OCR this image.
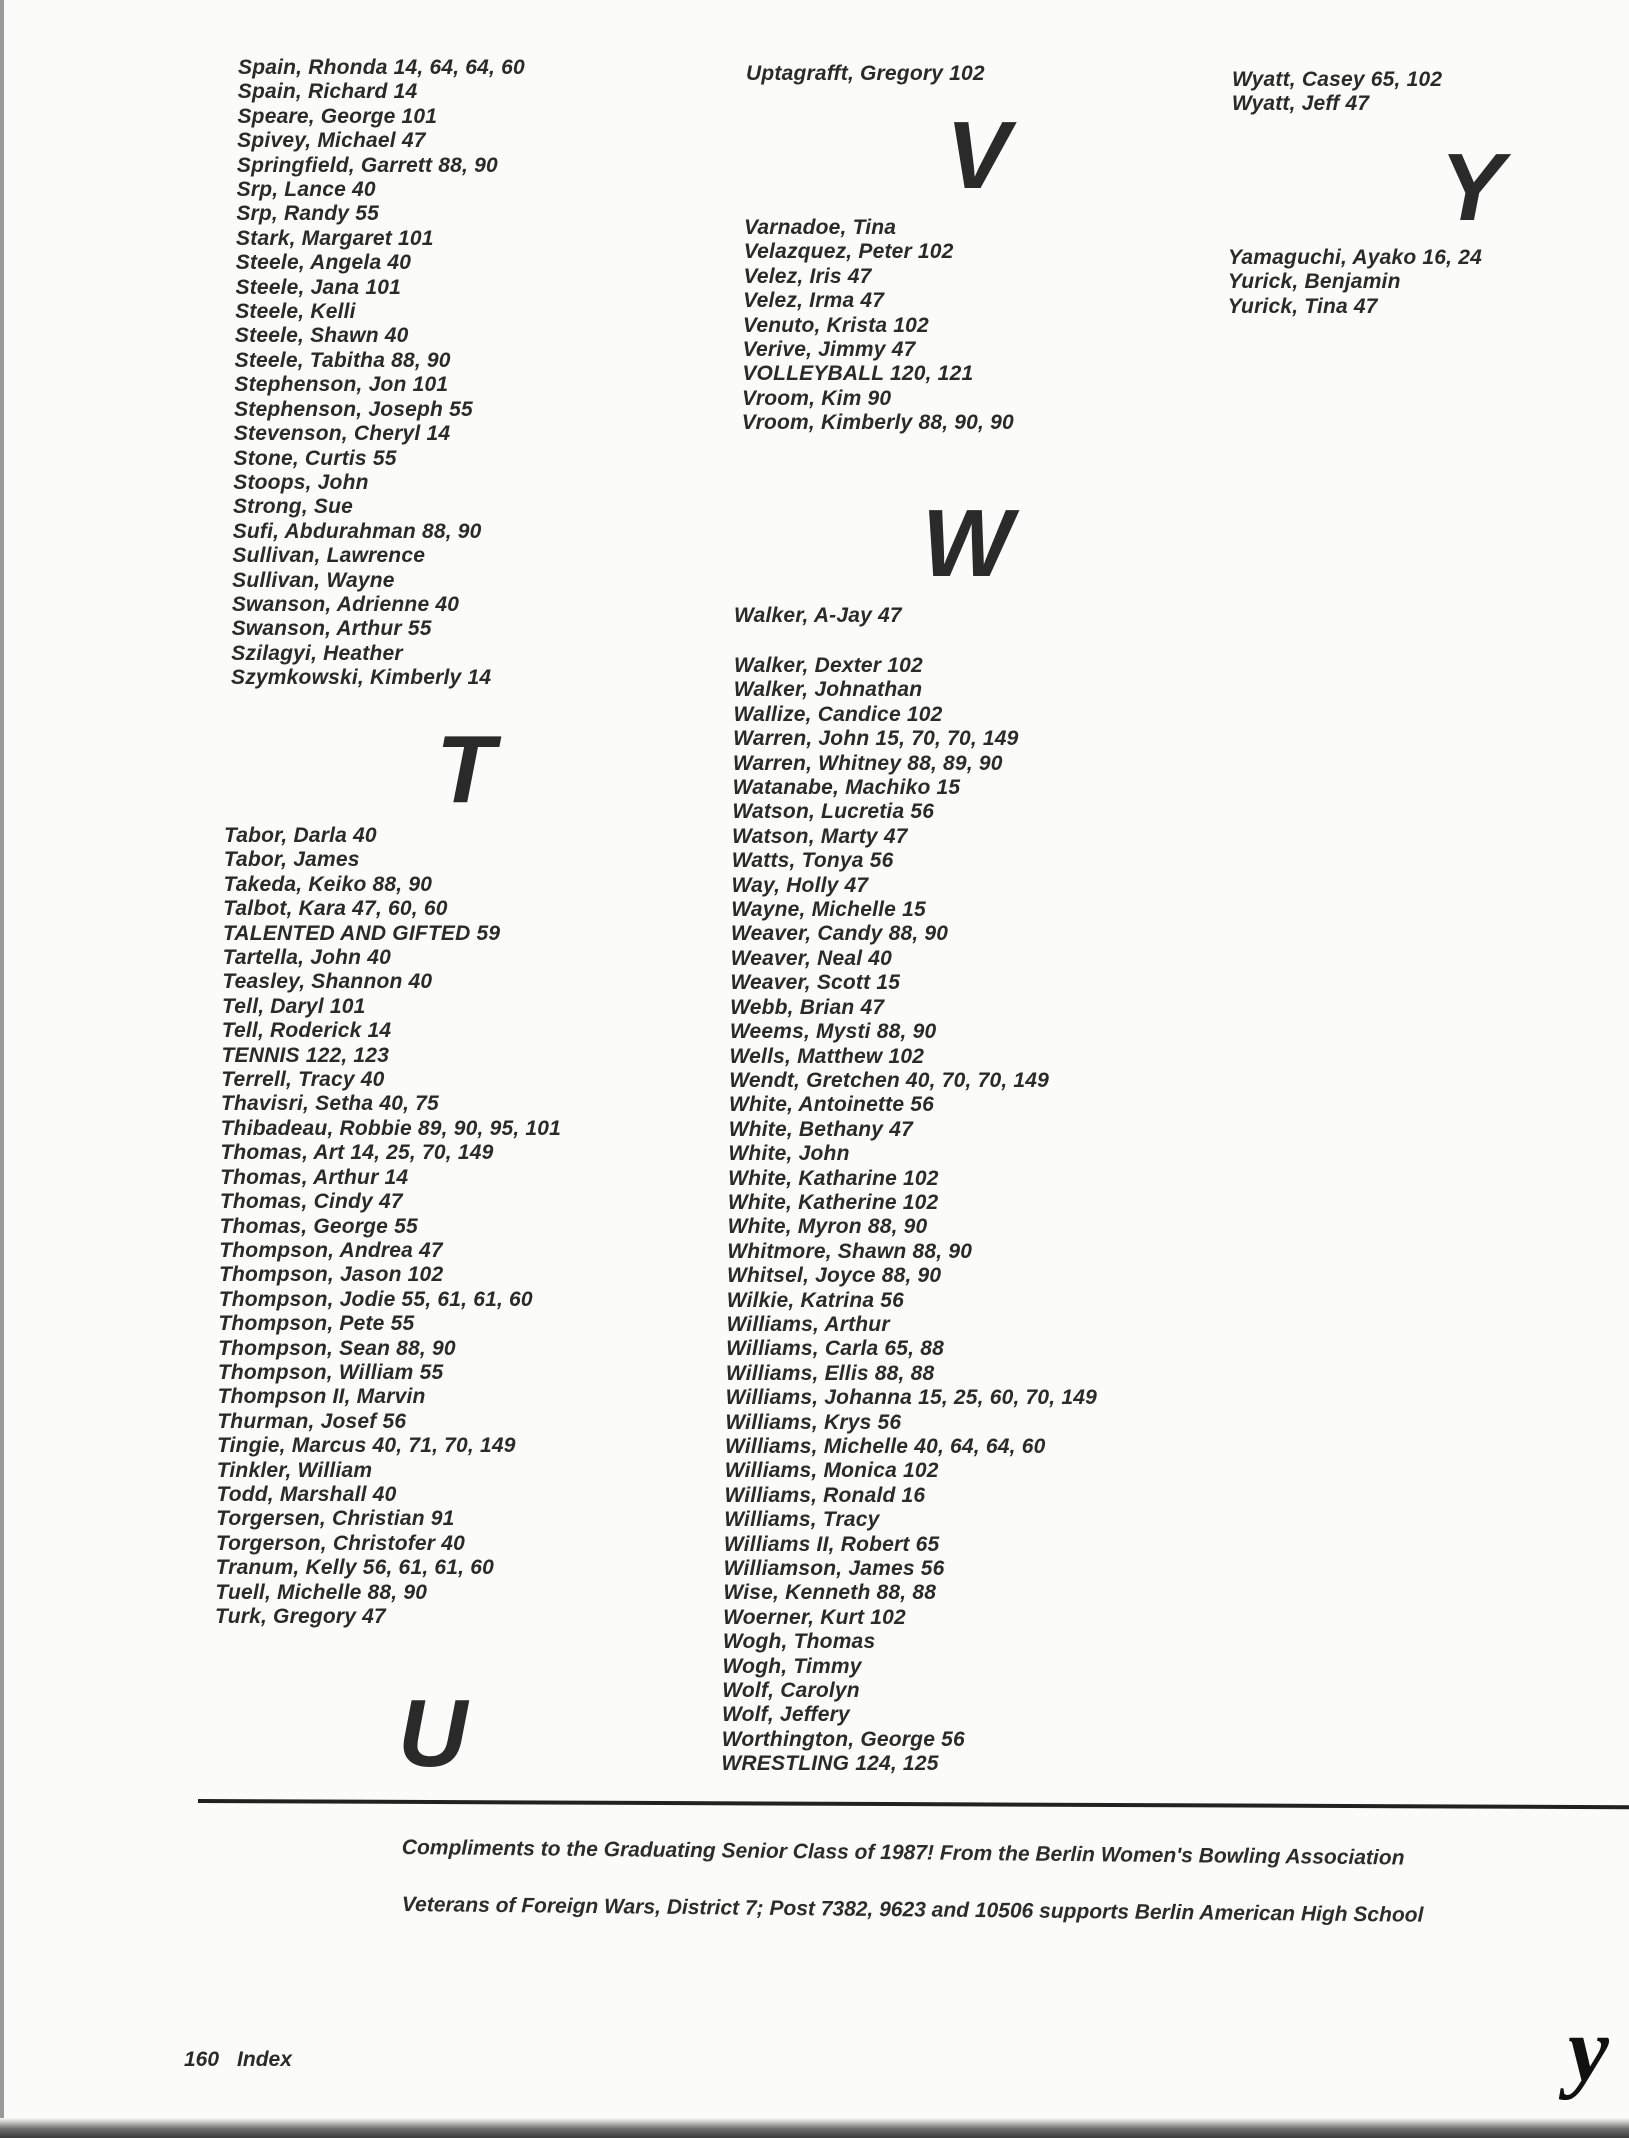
Spain, Rhonda 14, 64, 64, 60
Spain, Richard 14
Speare, George 101
Spivey, Michael 47
Springfield, Garrett 88, 90
Srp, Lance 40
Srp, Randy 55
Stark, Margaret 101
Steele, Angela 40
Steele, Jana 101
Steele, Kelli
Steele, Shawn 40
Steele, Tabitha 88, 90
Stephenson, Jon 101
Stephenson, Joseph 55
Stevenson, Cheryl 14
Stone, Curtis 55
Stoops, John
Strong, Sue
Sufi, Abdurahman 88, 90
Sullivan, Lawrence
Sullivan, Wayne
Swanson, Adrienne 40
Swanson, Arthur 55
Szilagyi, Heather
Szymkowski, Kimberly 14
T
Tabor, Darla 40
Tabor, James
Takeda, Keiko 88, 90
Talbot, Kara 47, 60, 60
TALENTED AND GIFTED 59
Tartella, John 40
Teasley, Shannon 40
Tell, Daryl 101
Tell, Roderick 14
TENNIS 122, 123
Terrell, Tracy 40
Thavisri, Setha 40, 75
Thibadeau, Robbie 89, 90, 95, 101
Thomas, Art 14, 25, 70, 149
Thomas, Arthur 14
Thomas, Cindy 47
Thomas, George 55
Thompson, Andrea 47
Thompson, Jason 102
Thompson, Jodie 55, 61, 61, 60
Thompson, Pete 55
Thompson, Sean 88, 90
Thompson, William 55
Thompson II, Marvin
Thurman, Josef 56
Tingie, Marcus 40, 71, 70, 149
Tinkler, William
Todd, Marshall 40
Torgersen, Christian 91
Torgerson, Christofer 40
Tranum, Kelly 56, 61, 61, 60
Tuell, Michelle 88, 90
Turk, Gregory 47
U
Uptagrafft, Gregory 102
V
Varnadoe, Tina
Velazquez, Peter 102
Velez, Iris 47
Velez, Irma 47
Venuto, Krista 102
Verive, Jimmy 47
VOLLEYBALL 120, 121
Vroom, Kim 90
Vroom, Kimberly 88, 90, 90
W
Walker, A-Jay 47
Walker, Dexter 102
Walker, Johnathan
Wallize, Candice 102
Warren, John 15, 70, 70, 149
Warren, Whitney 88, 89, 90
Watanabe, Machiko 15
Watson, Lucretia 56
Watson, Marty 47
Watts, Tonya 56
Way, Holly 47
Wayne, Michelle 15
Weaver, Candy 88, 90
Weaver, Neal 40
Weaver, Scott 15
Webb, Brian 47
Weems, Mysti 88, 90
Wells, Matthew 102
Wendt, Gretchen 40, 70, 70, 149
White, Antoinette 56
White, Bethany 47
White, John
White, Katharine 102
White, Katherine 102
White, Myron 88, 90
Whitmore, Shawn 88, 90
Whitsel, Joyce 88, 90
Wilkie, Katrina 56
Williams, Arthur
Williams, Carla 65, 88
Williams, Ellis 88, 88
Williams, Johanna 15, 25, 60, 70, 149
Williams, Krys 56
Williams, Michelle 40, 64, 64, 60
Williams, Monica 102
Williams, Ronald 16
Williams, Tracy
Williams II, Robert 65
Williamson, James 56
Wise, Kenneth 88, 88
Woerner, Kurt 102
Wogh, Thomas
Wogh, Timmy
Wolf, Carolyn
Wolf, Jeffery
Worthington, George 56
WRESTLING 124, 125
Wyatt, Casey 65, 102
Wyatt, Jeff 47
Y
Yamaguchi, Ayako 16, 24
Yurick, Benjamin
Yurick, Tina 47
Compliments to the Graduating Senior Class of 1987! From the Berlin Women's Bowling Association
Veterans of Foreign Wars, District 7; Post 7382, 9623 and 10506 supports Berlin American High School
160 Index	y
